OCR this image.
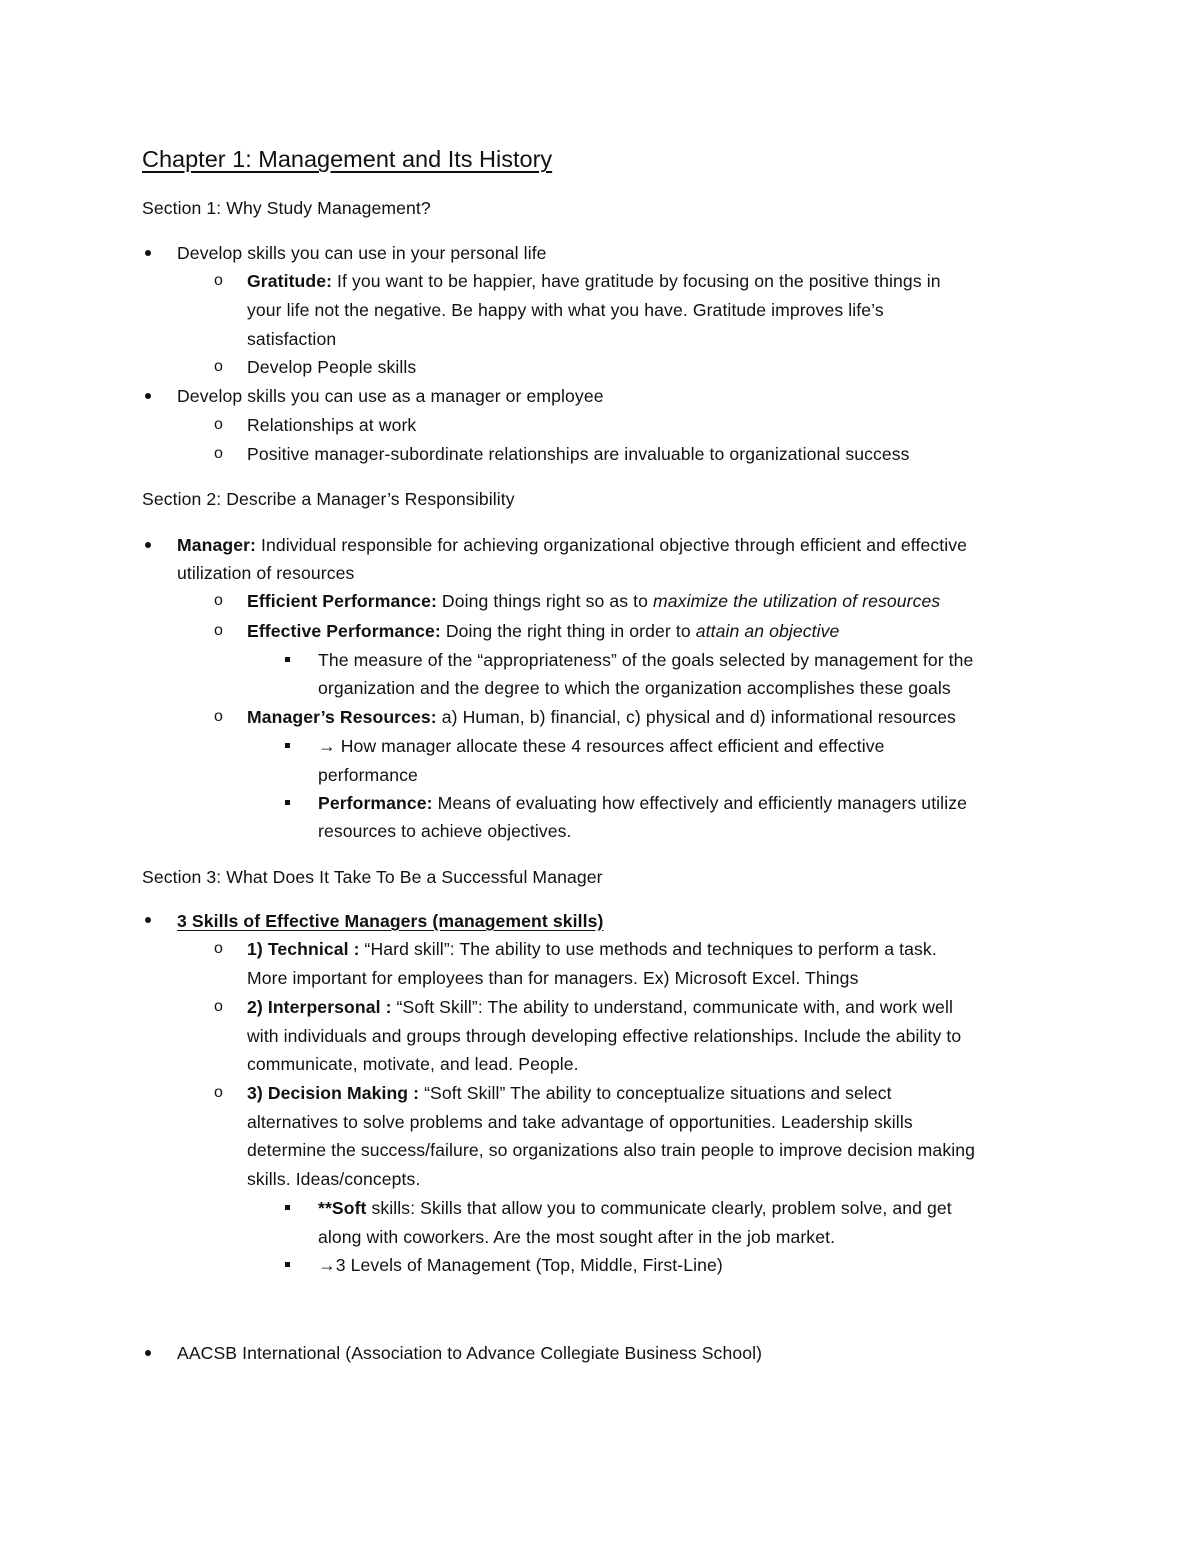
Chapter 1: Management and Its History
Section 1: Why Study Management?
Develop skills you can use in your personal life
o Gratitude: If you want to be happier, have gratitude by focusing on the positive things in
your life not the negative. Be happy with what you have. Gratitude improves life’s
satisfaction
o Develop People skills
Develop skills you can use as a manager or employee
o Relationships at work
o Positive manager-subordinate relationships are invaluable to organizational success
Section 2: Describe a Manager’s Responsibility
Manager: Individual responsible for achieving organizational objective through efficient and effective
utilization of resources
o Efficient Performance: Doing things right so as to maximize the utilization of resources
o Effective Performance: Doing the right thing in order to attain an objective
The measure of the “appropriateness” of the goals selected by management for the
organization and the degree to which the organization accomplishes these goals
o Manager’s Resources: a) Human, b) financial, c) physical and d) informational resources
→ How manager allocate these 4 resources affect efficient and effective
performance
Performance: Means of evaluating how effectively and efficiently managers utilize
resources to achieve objectives.
Section 3: What Does It Take To Be a Successful Manager
3 Skills of Effective Managers (management skills)
o 1) Technical : “Hard skill”: The ability to use methods and techniques to perform a task.
More important for employees than for managers. Ex) Microsoft Excel. Things
o 2) Interpersonal : “Soft Skill”: The ability to understand, communicate with, and work well
with individuals and groups through developing effective relationships. Include the ability to
communicate, motivate, and lead. People.
o 3) Decision Making : “Soft Skill” The ability to conceptualize situations and select
alternatives to solve problems and take advantage of opportunities. Leadership skills
determine the success/failure, so organizations also train people to improve decision making
skills. Ideas/concepts.
**Soft skills: Skills that allow you to communicate clearly, problem solve, and get
along with coworkers. Are the most sought after in the job market.
→3 Levels of Management (Top, Middle, First-Line)
AACSB International (Association to Advance Collegiate Business School)
